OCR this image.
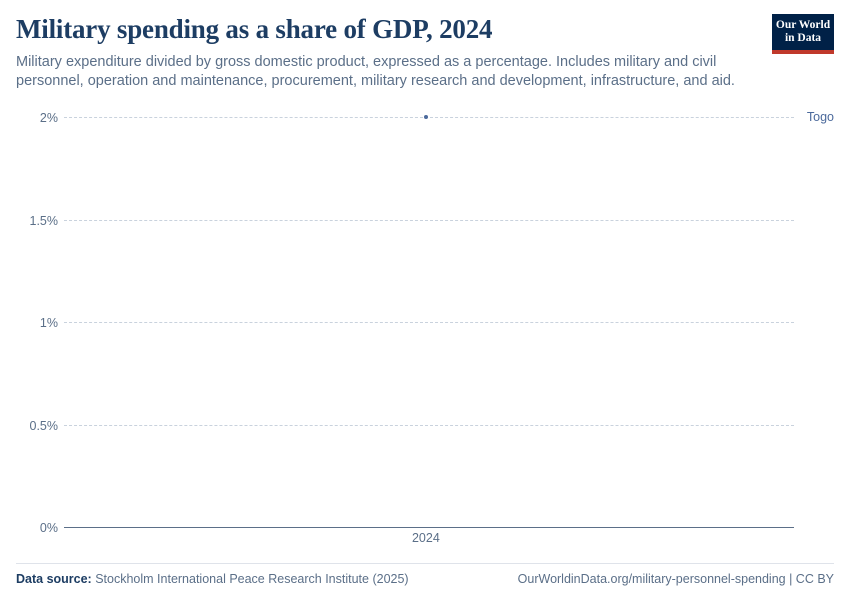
Military spending as a share of GDP, 2024

Military expenditure divided by gross domestic product, expressed as a percentage. Includes military and civil personnel, operation and maintenance, procurement, military research and development, infrastructure, and aid.

Our World
in Data
2%
1.5%
1%
0.5%
0%
2024
Togo
Data source: Stockholm International Peace Research Institute (2025)	OurWorldinData.org/military-personnel-spending | CC BY
